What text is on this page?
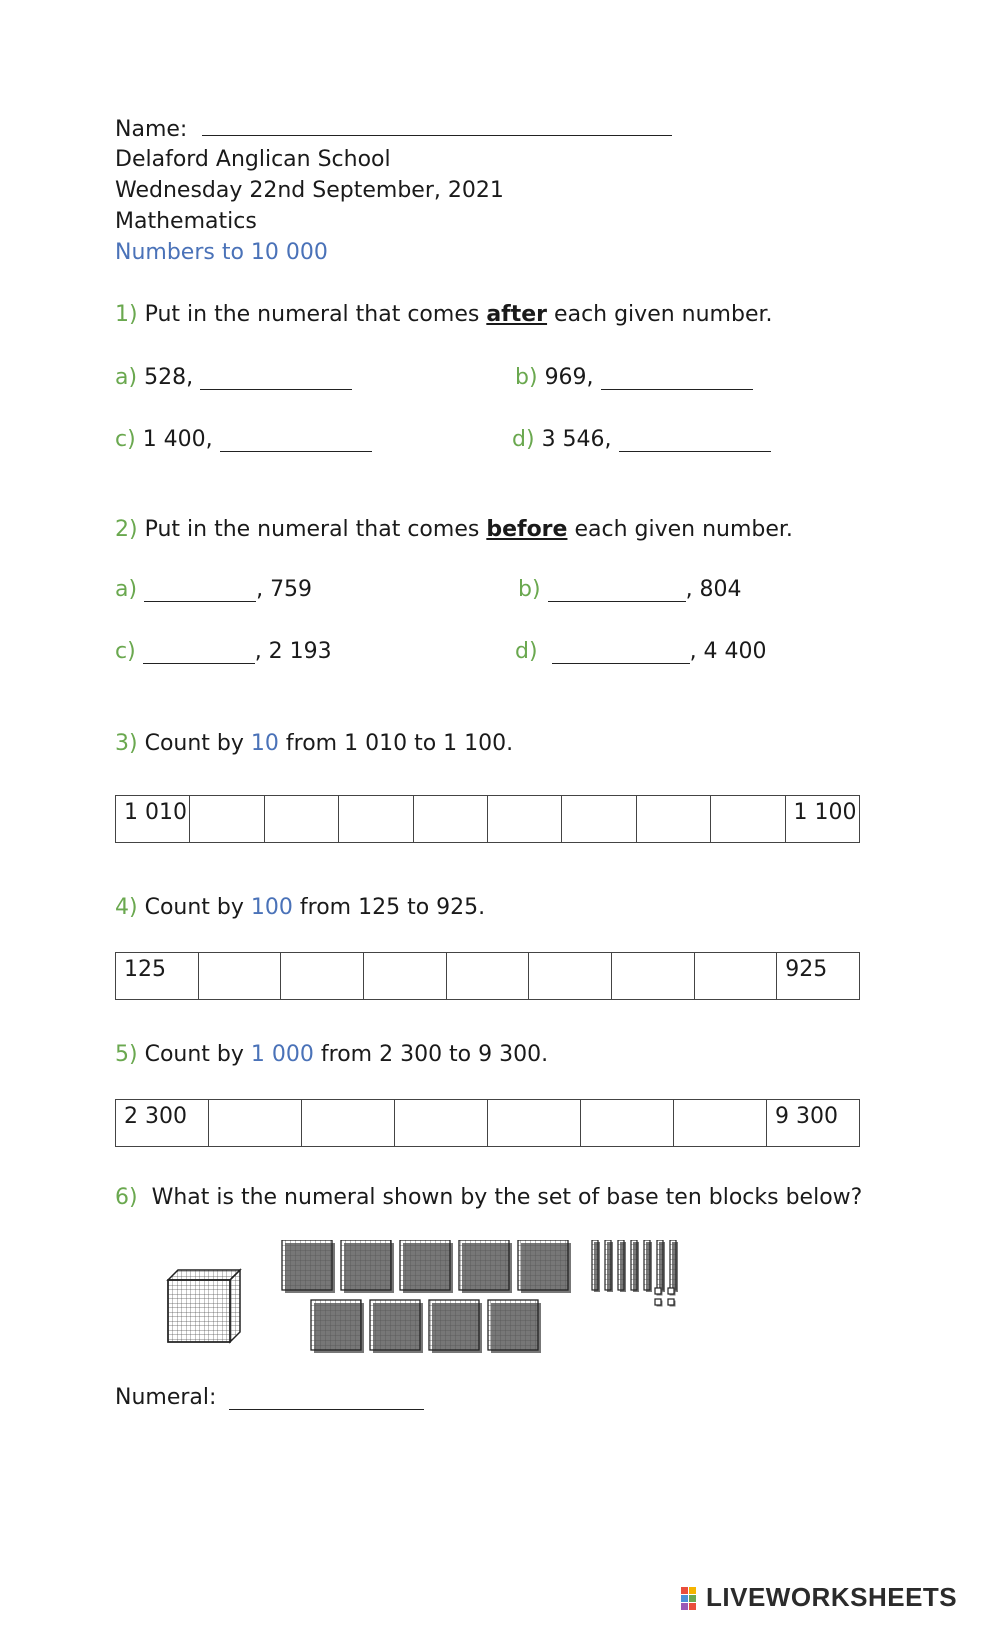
Name:
Delaford Anglican School
Wednesday 22nd September, 2021
Mathematics
Numbers to 10 000
1) Put in the numeral that comes after each given number.
a) 528,	b) 969,
c) 1 400,	d) 3 546,
2) Put in the numeral that comes before each given number.
a)	, 759	b)	, 804
c)	, 2 193	d)	, 4 400
3) Count by 10 from 1 010 to 1 100.
1 010									1 100
4) Count by 100 from 125 to 925.
125								925
5) Count by 1 000 from 2 300 to 9 300.
2 300							9 300
6) What is the numeral shown by the set of base ten blocks below?
Numeral:
LIVEWORKSHEETS
